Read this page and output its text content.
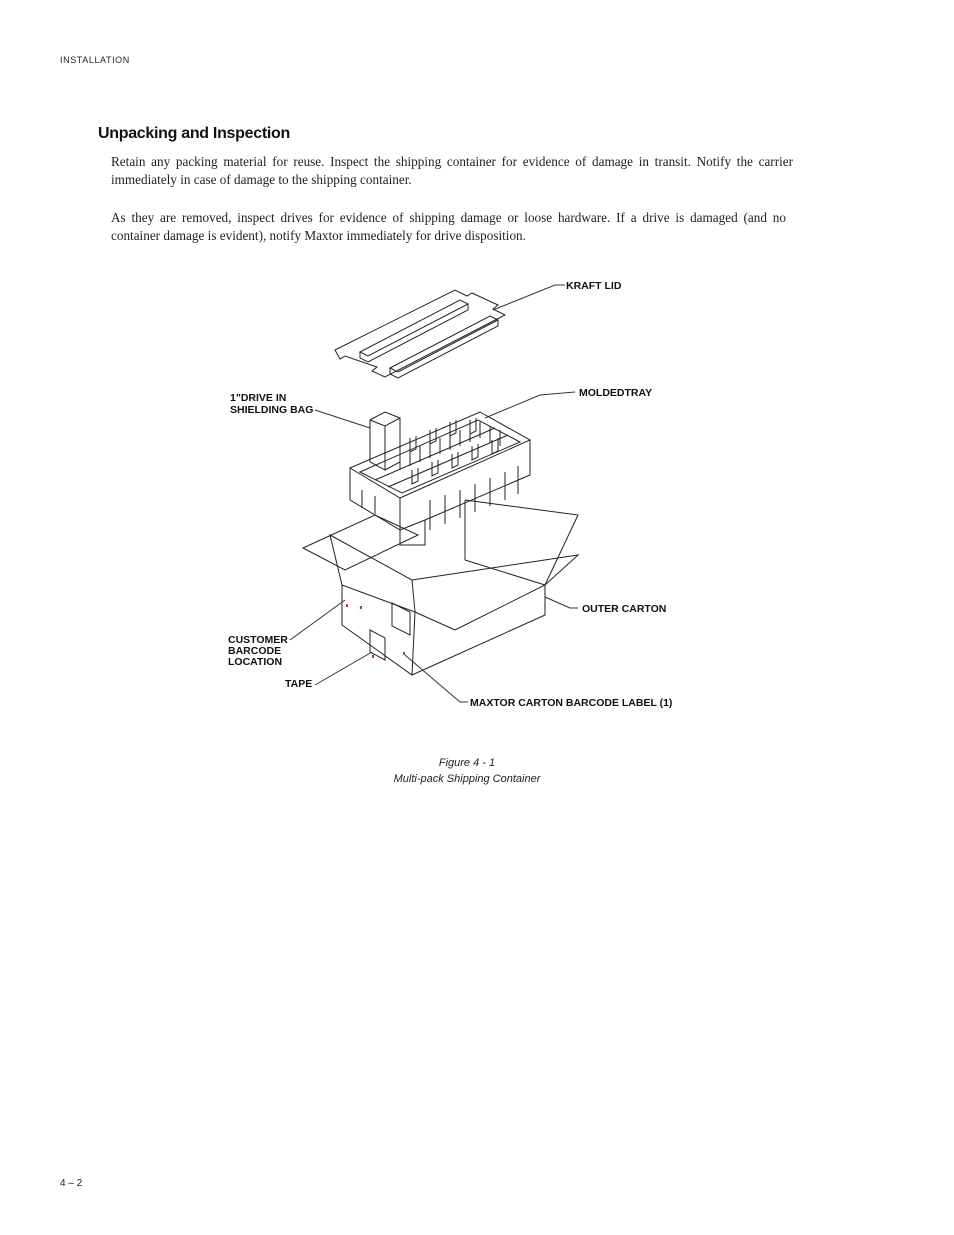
INSTALLATION
Unpacking and Inspection

Retain any packing material for reuse. Inspect the shipping container for evidence of damage in transit. Notify the carrier immediately in case of damage to the shipping container.

As they are removed, inspect drives for evidence of shipping damage or loose hardware. If a drive is damaged (and no container damage is evident), notify Maxtor immediately for drive disposition.

KRAFT LID
1"DRIVE IN
SHIELDING BAG
MOLDEDTRAY
OUTER CARTON
CUSTOMER
BARCODE
LOCATION
TAPE
MAXTOR CARTON BARCODE LABEL (1)
Figure 4 - 1
Multi-pack Shipping Container
4 – 2
